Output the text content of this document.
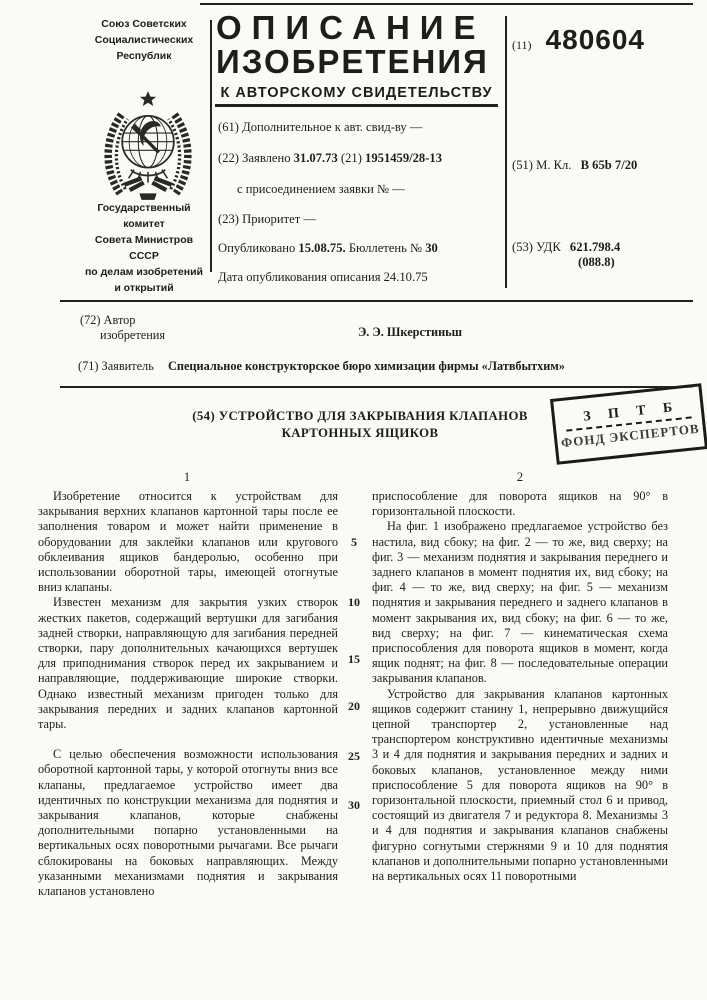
Союз Советских
Социалистических
Республик
Государственный комитет
Совета Министров СССР
по делам изобретений
и открытий
ОПИСАНИЕ
ИЗОБРЕТЕНИЯ
К АВТОРСКОМУ СВИДЕТЕЛЬСТВУ
(61) Дополнительное к авт. свид-ву —
(22) Заявлено 31.07.73 (21) 1951459/28-13
с присоединением заявки № —
(23) Приоритет —
Опубликовано 15.08.75. Бюллетень № 30
Дата опубликования описания 24.10.75
(11) 480604
(51) М. Кл. B 65b 7/20
(53) УДК 621.798.4
(088.8)
(72) Автор
изобретения	Э. Э. Шкерстиньш
(71) Заявитель Специальное конструкторское бюро химизации фирмы «Латвбытхим»
(54) УСТРОЙСТВО ДЛЯ ЗАКРЫВАНИЯ КЛАПАНОВ
КАРТОННЫХ ЯЩИКОВ
З П Т Б
ФОНД ЭКСПЕРТОВ
1	2

Изобретение относится к устройствам для закрывания верхних клапанов картонной тары после ее заполнения товаром и может найти применение в оборудовании для заклейки клапанов или кругового обклеивания ящиков бандеролью, особенно при использовании оборотной тары, имеющей отогнутые вниз клапаны.

Известен механизм для закрытия узких створок жестких пакетов, содержащий вертушки для загибания задней створки, направляющую для загибания передней створки, пару дополнительных качающихся вертушек для приподнимания створок перед их закрыванием и направляющие, поддерживающие широкие створки. Однако известный механизм пригоден только для закрывания передних и задних клапанов картонной тары.

С целью обеспечения возможности использования оборотной картонной тары, у которой отогнуты вниз все клапаны, предлагаемое устройство имеет два идентичных по конструкции механизма для поднятия и закрывания клапанов, которые снабжены дополнительными попарно установленными на вертикальных осях поворотными рычагами. Все рычаги сблокированы на боковых направляющих. Между указанными механизмами поднятия и закрывания клапанов установлено

приспособление для поворота ящиков на 90° в горизонтальной плоскости.

На фиг. 1 изображено предлагаемое устройство без настила, вид сбоку; на фиг. 2 — то же, вид сверху; на фиг. 3 — механизм поднятия и закрывания переднего и заднего клапанов в момент поднятия их, вид сбоку; на фиг. 4 — то же, вид сверху; на фиг. 5 — механизм поднятия и закрывания переднего и заднего клапанов в момент закрывания их, вид сбоку; на фиг. 6 — то же, вид сверху; на фиг. 7 — кинематическая схема приспособления для поворота ящиков в момент, когда ящик поднят; на фиг. 8 — последовательные операции закрывания клапанов.

Устройство для закрывания клапанов картонных ящиков содержит станину 1, непрерывно движущийся цепной транспортер 2, установленные над транспортером конструктивно идентичные механизмы 3 и 4 для поднятия и закрывания передних и задних и боковых клапанов, установленное между ними приспособление 5 для поворота ящиков на 90° в горизонтальной плоскости, приемный стол 6 и привод, состоящий из двигателя 7 и редуктора 8. Механизмы 3 и 4 для поднятия и закрывания клапанов снабжены фигурно согнутыми стержнями 9 и 10 для поднятия клапанов и дополнительными попарно установленными на вертикальных осях 11 поворотными

5
10
15
20
25
30
